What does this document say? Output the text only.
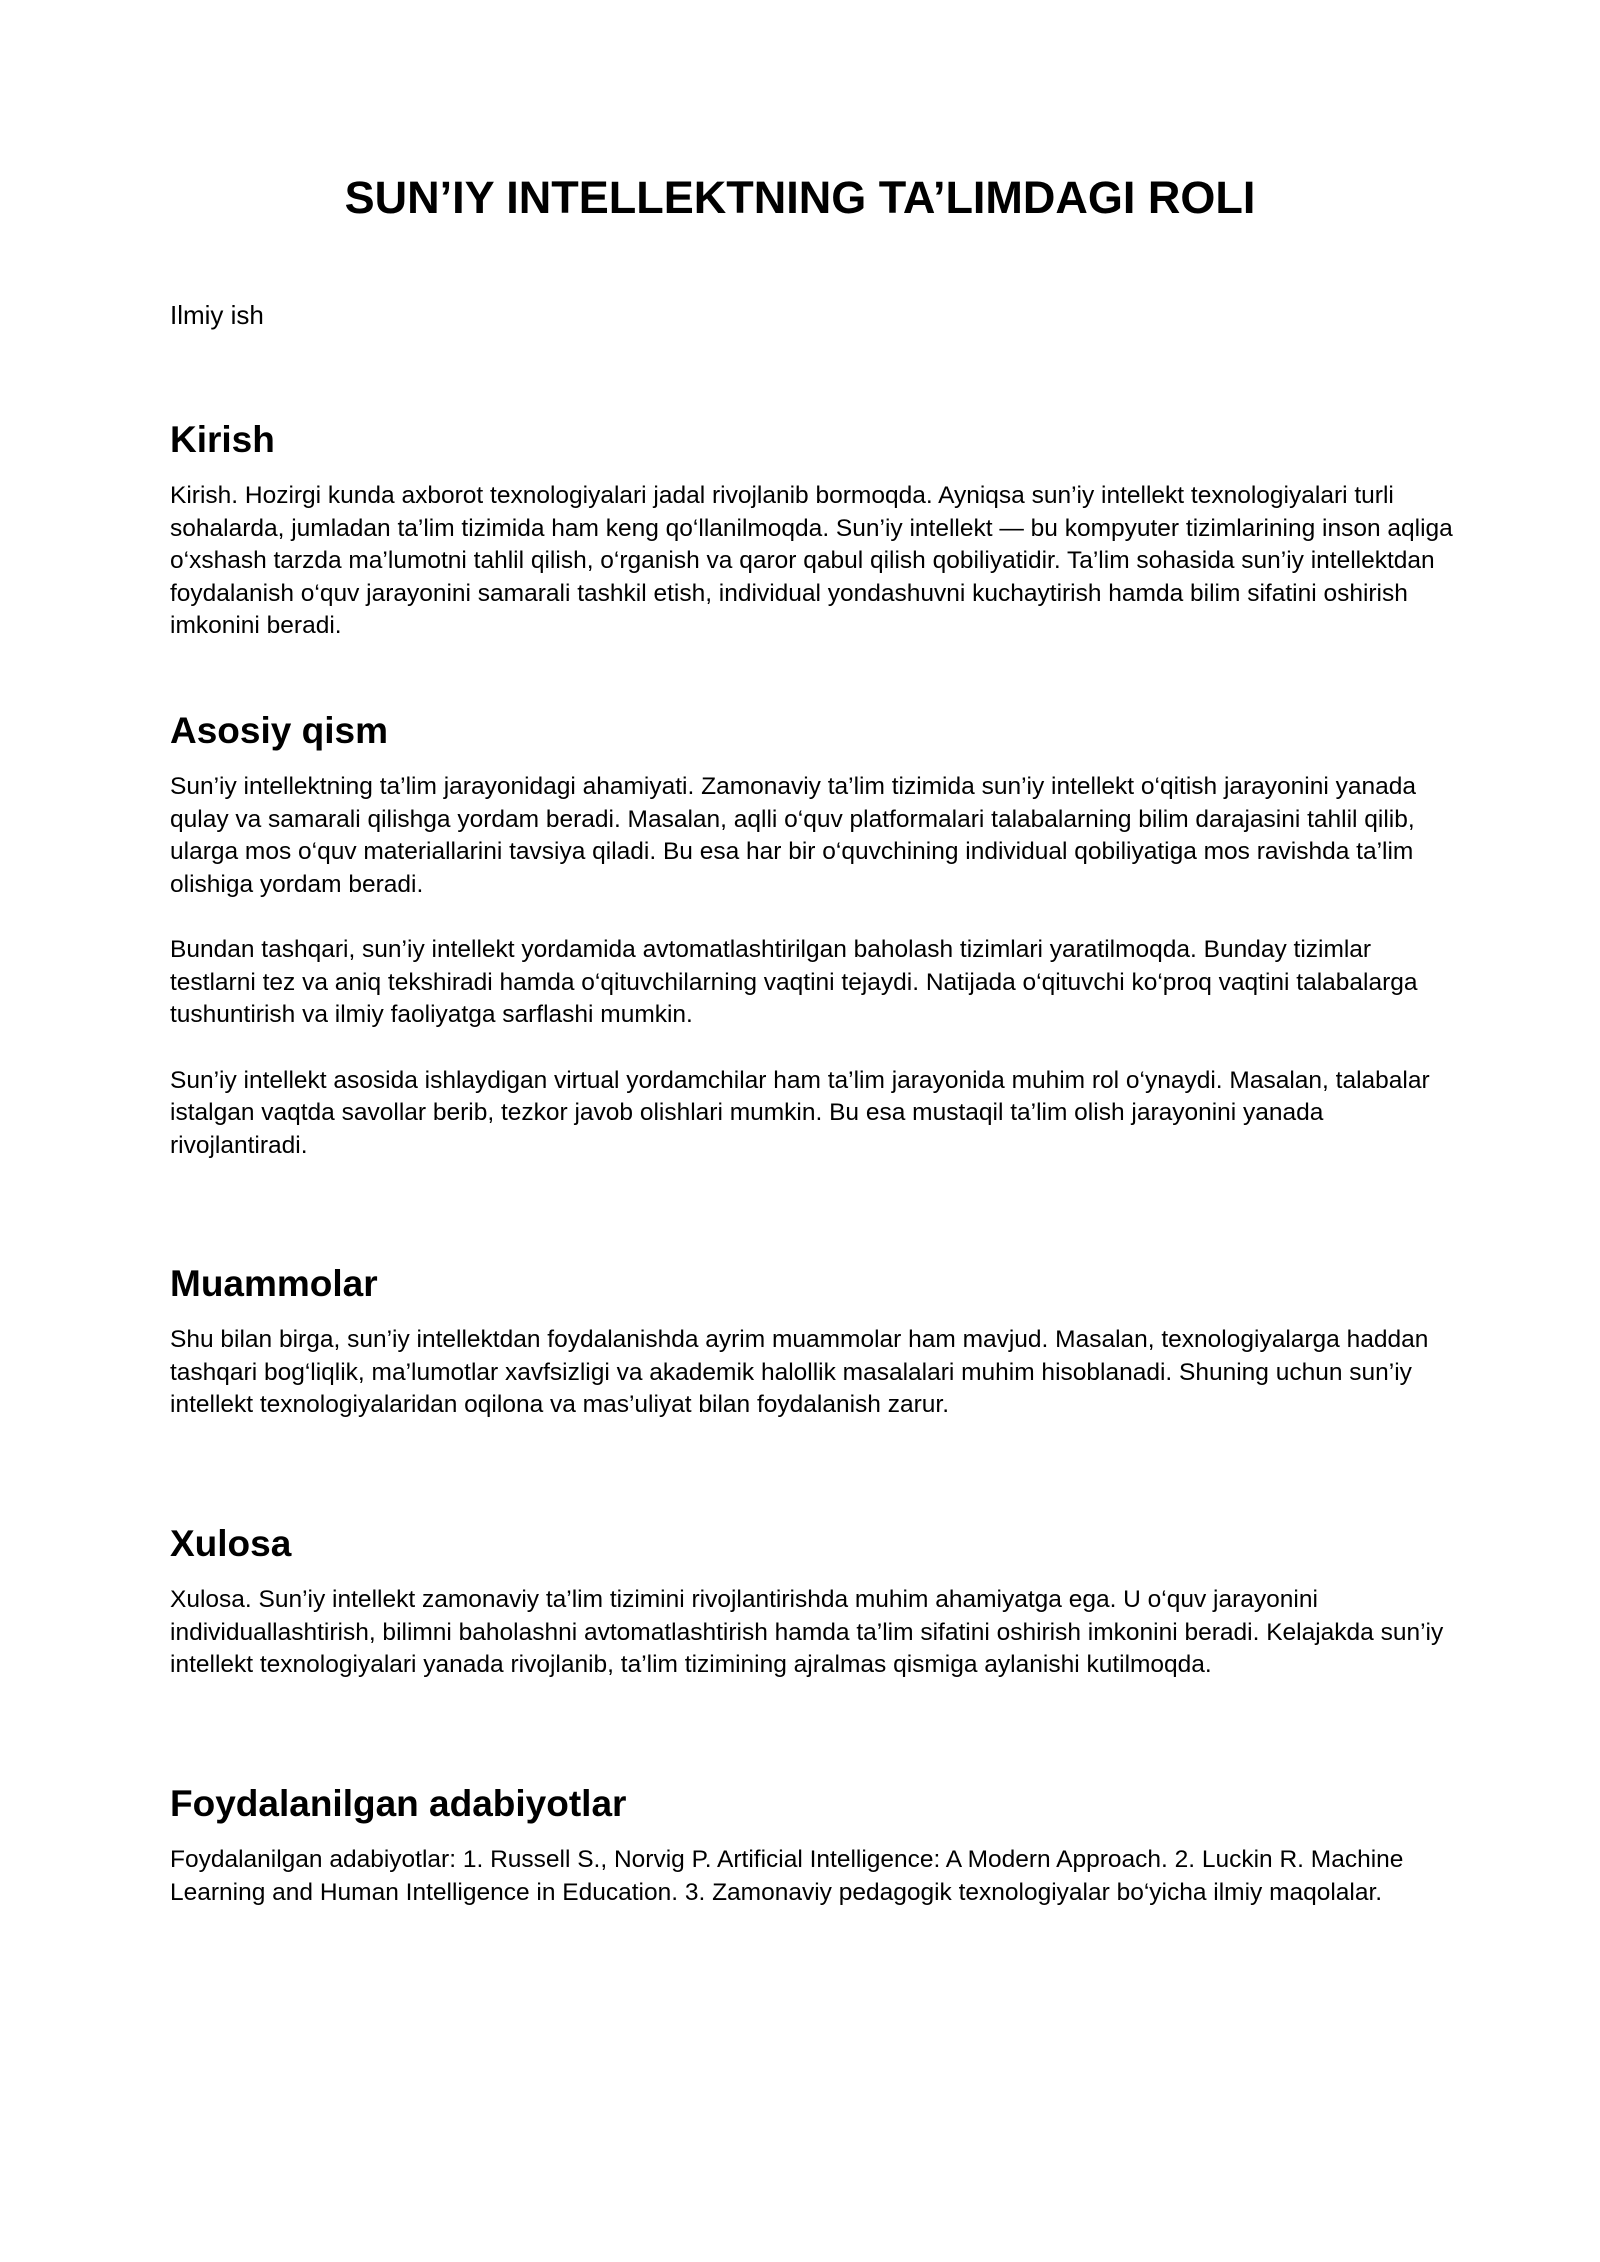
SUN’IY INTELLEKTNING TA’LIMDAGI ROLI

Ilmiy ish

Kirish

Kirish. Hozirgi kunda axborot texnologiyalari jadal rivojlanib bormoqda. Ayniqsa sun’iy intellekt texnologiyalari turli sohalarda, jumladan ta’lim tizimida ham keng qo‘llanilmoqda. Sun’iy intellekt — bu kompyuter tizimlarining inson aqliga o‘xshash tarzda ma’lumotni tahlil qilish, o‘rganish va qaror qabul qilish qobiliyatidir. Ta’lim sohasida sun’iy intellektdan foydalanish o‘quv jarayonini samarali tashkil etish, individual yondashuvni kuchaytirish hamda bilim sifatini oshirish imkonini beradi.

Asosiy qism

Sun’iy intellektning ta’lim jarayonidagi ahamiyati. Zamonaviy ta’lim tizimida sun’iy intellekt o‘qitish jarayonini yanada qulay va samarali qilishga yordam beradi. Masalan, aqlli o‘quv platformalari talabalarning bilim darajasini tahlil qilib, ularga mos o‘quv materiallarini tavsiya qiladi. Bu esa har bir o‘quvchining individual qobiliyatiga mos ravishda ta’lim olishiga yordam beradi.

Bundan tashqari, sun’iy intellekt yordamida avtomatlashtirilgan baholash tizimlari yaratilmoqda. Bunday tizimlar testlarni tez va aniq tekshiradi hamda o‘qituvchilarning vaqtini tejaydi. Natijada o‘qituvchi ko‘proq vaqtini talabalarga tushuntirish va ilmiy faoliyatga sarflashi mumkin.

Sun’iy intellekt asosida ishlaydigan virtual yordamchilar ham ta’lim jarayonida muhim rol o‘ynaydi. Masalan, talabalar istalgan vaqtda savollar berib, tezkor javob olishlari mumkin. Bu esa mustaqil ta’lim olish jarayonini yanada rivojlantiradi.

Muammolar

Shu bilan birga, sun’iy intellektdan foydalanishda ayrim muammolar ham mavjud. Masalan, texnologiyalarga haddan tashqari bog‘liqlik, ma’lumotlar xavfsizligi va akademik halollik masalalari muhim hisoblanadi. Shuning uchun sun’iy intellekt texnologiyalaridan oqilona va mas’uliyat bilan foydalanish zarur.

Xulosa

Xulosa. Sun’iy intellekt zamonaviy ta’lim tizimini rivojlantirishda muhim ahamiyatga ega. U o‘quv jarayonini individuallashtirish, bilimni baholashni avtomatlashtirish hamda ta’lim sifatini oshirish imkonini beradi. Kelajakda sun’iy intellekt texnologiyalari yanada rivojlanib, ta’lim tizimining ajralmas qismiga aylanishi kutilmoqda.

Foydalanilgan adabiyotlar

Foydalanilgan adabiyotlar: 1. Russell S., Norvig P. Artificial Intelligence: A Modern Approach. 2. Luckin R. Machine Learning and Human Intelligence in Education. 3. Zamonaviy pedagogik texnologiyalar bo‘yicha ilmiy maqolalar.
